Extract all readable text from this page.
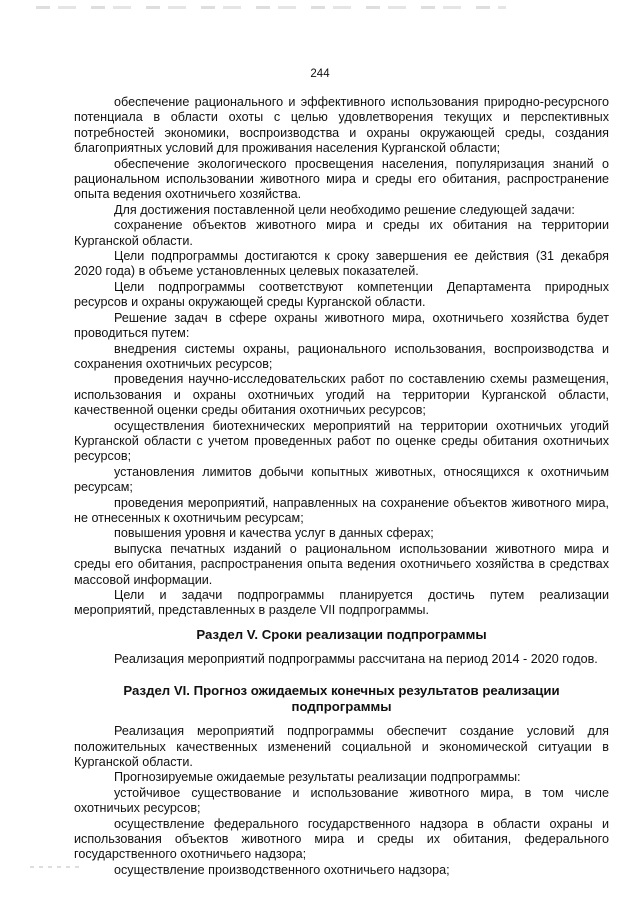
244

обеспечение рационального и эффективного использования природно-ресурсного потенциала в области охоты с целью удовлетворения текущих и перспективных потребностей экономики, воспроизводства и охраны окружающей среды, создания благоприятных условий для проживания населения Курганской области;

обеспечение экологического просвещения населения, популяризация знаний о рациональном использовании животного мира и среды его обитания, распространение опыта ведения охотничьего хозяйства.

Для достижения поставленной цели необходимо решение следующей задачи:

сохранение объектов животного мира и среды их обитания на территории Курганской области.

Цели подпрограммы достигаются к сроку завершения ее действия (31 декабря 2020 года) в объеме установленных целевых показателей.

Цели подпрограммы соответствуют компетенции Департамента природных ресурсов и охраны окружающей среды Курганской области.

Решение задач в сфере охраны животного мира, охотничьего хозяйства будет проводиться путем:

внедрения системы охраны, рационального использования, воспроизводства и сохранения охотничьих ресурсов;

проведения научно-исследовательских работ по составлению схемы размещения, использования и охраны охотничьих угодий на территории Курганской области, качественной оценки среды обитания охотничьих ресурсов;

осуществления биотехнических мероприятий на территории охотничьих угодий Курганской области с учетом проведенных работ по оценке среды обитания охотничьих ресурсов;

установления лимитов добычи копытных животных, относящихся к охотничьим ресурсам;

проведения мероприятий, направленных на сохранение объектов животного мира, не отнесенных к охотничьим ресурсам;

повышения уровня и качества услуг в данных сферах;

выпуска печатных изданий о рациональном использовании животного мира и среды его обитания, распространения опыта ведения охотничьего хозяйства в средствах массовой информации.

Цели и задачи подпрограммы планируется достичь путем реализации мероприятий, представленных в разделе VII подпрограммы.

Раздел V. Сроки реализации подпрограммы

Реализация мероприятий подпрограммы рассчитана на период 2014 - 2020 годов.

Раздел VI. Прогноз ожидаемых конечных результатов реализации подпрограммы

Реализация мероприятий подпрограммы обеспечит создание условий для положительных качественных изменений социальной и экономической ситуации в Курганской области.

Прогнозируемые ожидаемые результаты реализации подпрограммы:

устойчивое существование и использование животного мира, в том числе охотничьих ресурсов;

осуществление федерального государственного надзора в области охраны и использования объектов животного мира и среды их обитания, федерального государственного охотничьего надзора;

осуществление производственного охотничьего надзора;
